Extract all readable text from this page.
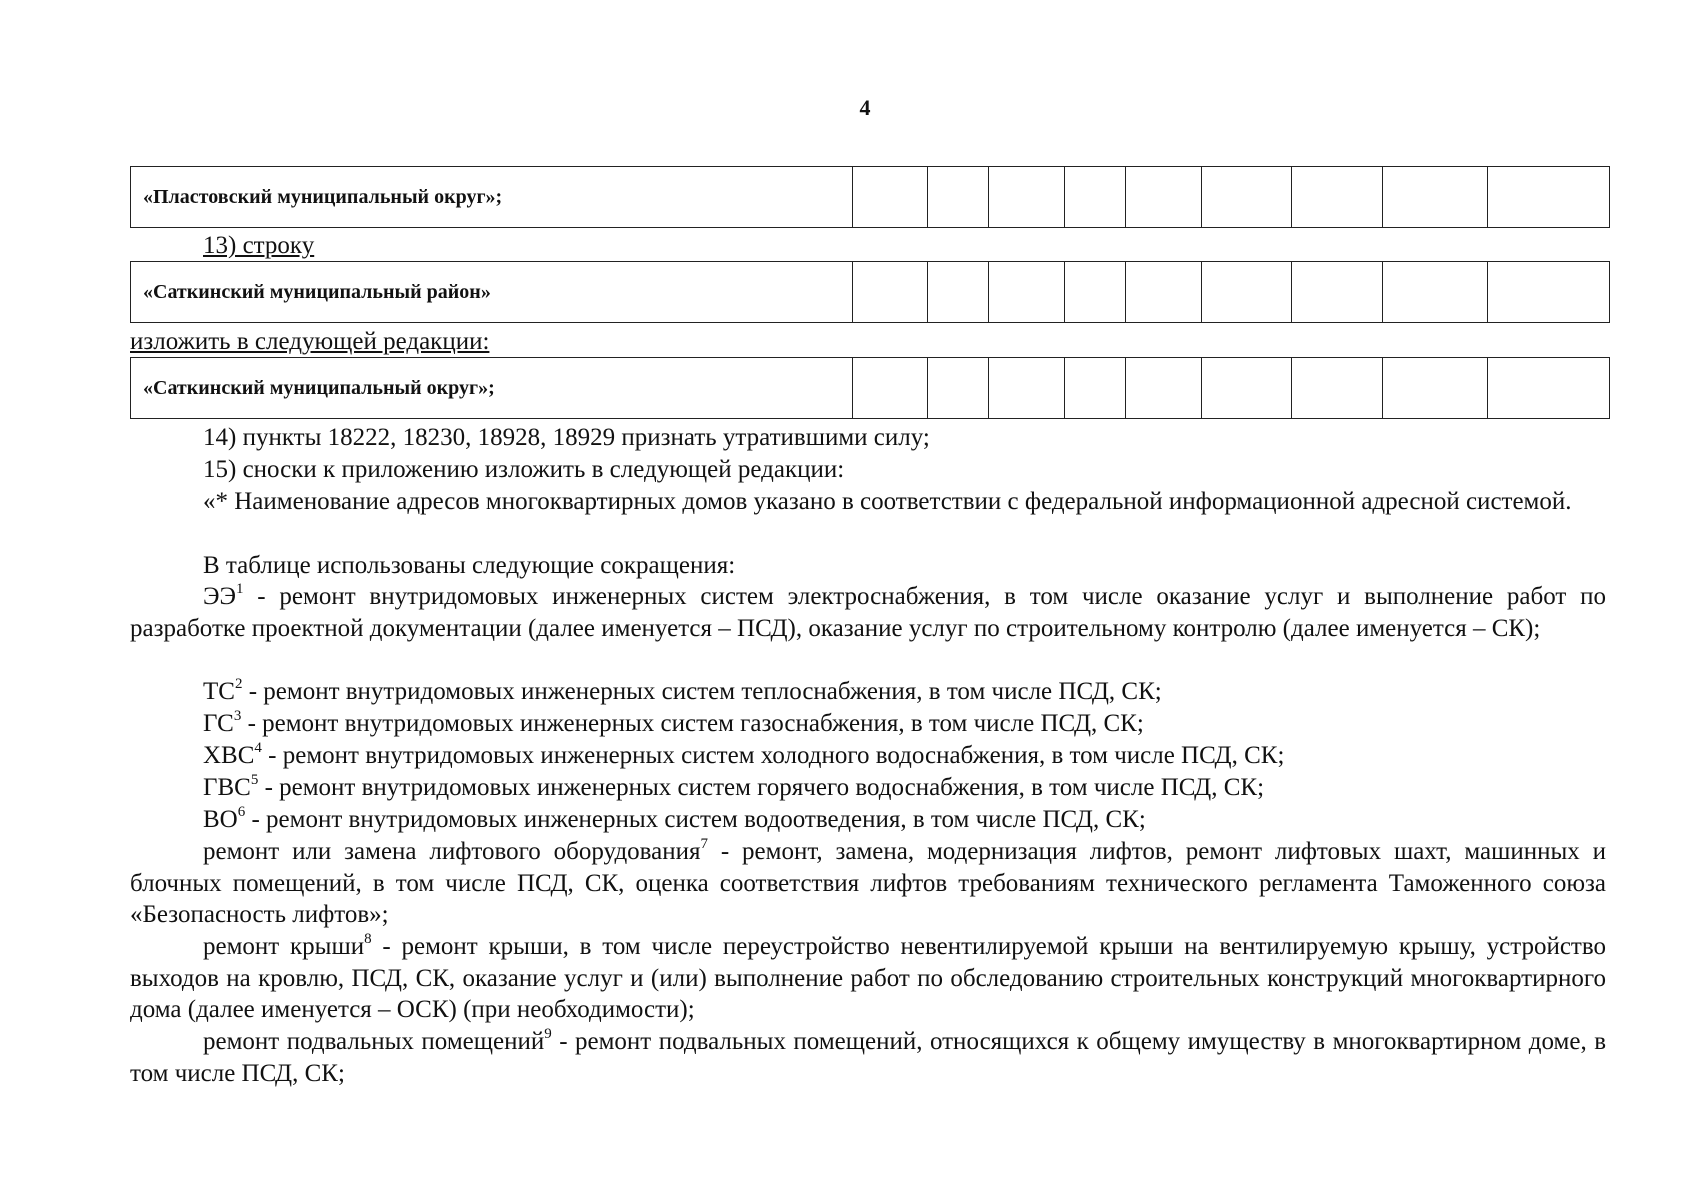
4
«Пластовский муниципальный округ»;									
13) строку
«Саткинский муниципальный район»									
изложить в следующей редакции:
«Саткинский муниципальный округ»;									
14) пункты 18222, 18230, 18928, 18929 признать утратившими силу;
15) сноски к приложению изложить в следующей редакции:
«* Наименование адресов многоквартирных домов указано в соответствии с федеральной информационной адресной системой.
В таблице использованы следующие сокращения:
$ЭЭ^1$ - ремонт внутридомовых инженерных систем электроснабжения, в том числе оказание услуг и выполнение работ по разработке проектной документации (далее именуется – ПСД), оказание услуг по строительному контролю (далее именуется – СК);
$ТС^2$ - ремонт внутридомовых инженерных систем теплоснабжения, в том числе ПСД, СК;
$ГС^3$ - ремонт внутридомовых инженерных систем газоснабжения, в том числе ПСД, СК;
ХВС$^4$ - ремонт внутридомовых инженерных систем холодного водоснабжения, в том числе ПСД, СК;
ГВС$^5$ - ремонт внутридомовых инженерных систем горячего водоснабжения, в том числе ПСД, СК;
$ВО^6$ - ремонт внутридомовых инженерных систем водоотведения, в том числе ПСД, СК;
ремонт или замена лифтового оборудования$^7$ - ремонт, замена, модернизация лифтов, ремонт лифтовых шахт, машинных и блочных помещений, в том числе ПСД, СК, оценка соответствия лифтов требованиям технического регламента Таможенного союза «Безопасность лифтов»;
ремонт крыши$^8$ - ремонт крыши, в том числе переустройство невентилируемой крыши на вентилируемую крышу, устройство выходов на кровлю, ПСД, СК, оказание услуг и (или) выполнение работ по обследованию строительных конструкций многоквартирного дома (далее именуется – ОСК) (при необходимости);
ремонт подвальных помещений$^9$ - ремонт подвальных помещений, относящихся к общему имуществу в многоквартирном доме, в том числе ПСД, СК;
